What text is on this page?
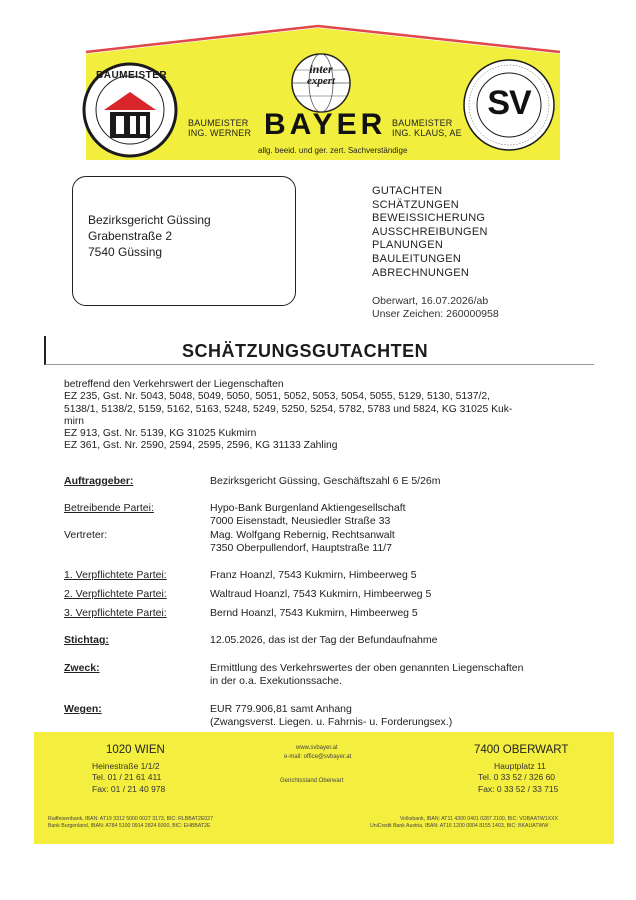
BAUMEISTER	inter
expert
BAUMEISTER
ING. WERNER BAYER BAUMEISTER
ING. KLAUS, AE
allg. beeid. und ger. zert. Sachverständige
SV
Bezirksgericht Güssing
Grabenstraße 2
7540 Güssing
GUTACHTEN
SCHÄTZUNGEN
BEWEISSICHERUNG
AUSSCHREIBUNGEN
PLANUNGEN
BAULEITUNGEN
ABRECHNUNGEN
Oberwart, 16.07.2026/ab
Unser Zeichen: 260000958
SCHÄTZUNGSGUTACHTEN
betreffend den Verkehrswert der Liegenschaften
EZ 235, Gst. Nr. 5043, 5048, 5049, 5050, 5051, 5052, 5053, 5054, 5055, 5129, 5130, 5137/2,
5138/1, 5138/2, 5159, 5162, 5163, 5248, 5249, 5250, 5254, 5782, 5783 und 5824, KG 31025 Kuk-
mirn
EZ 913, Gst. Nr. 5139, KG 31025 Kukmirn
EZ 361, Gst. Nr. 2590, 2594, 2595, 2596, KG 31133 Zahling
Auftraggeber:	Bezirksgericht Güssing, Geschäftszahl 6 E 5/26m
Betreibende Partei:	Hypo-Bank Burgenland Aktiengesellschaft
7000 Eisenstadt, Neusiedler Straße 33
Vertreter:	Mag. Wolfgang Rebernig, Rechtsanwalt
7350 Oberpullendorf, Hauptstraße 11/7
1. Verpflichtete Partei:	Franz Hoanzl, 7543 Kukmirn, Himbeerweg 5
2. Verpflichtete Partei:	Waltraud Hoanzl, 7543 Kukmirn, Himbeerweg 5
3. Verpflichtete Partei:	Bernd Hoanzl, 7543 Kukmirn, Himbeerweg 5
Stichtag:	12.05.2026, das ist der Tag der Befundaufnahme
Zweck:	Ermittlung des Verkehrswertes der oben genannten Liegenschaften
in der o.a. Exekutionssache.
Wegen:	EUR 779.906,81 samt Anhang
(Zwangsverst. Liegen. u. Fahrnis- u. Forderungsex.)
1020 WIEN
Heinestraße 1/1/2
Tel. 01 / 21 61 411
Fax: 01 / 21 40 978
www.svbayer.at
e-mail: office@svbayer.at
Gerichtsstand Oberwart
7400 OBERWART
Hauptplatz 11
Tel. 0 33 52 / 326 60
Fax: 0 33 52 / 33 715
Raiffeisenbank, IBAN: AT19 3312 5000 0027 3173, BIC: RLBBAT2E027
Bank Burgenland, IBAN: AT84 5100 0914 2824 6000, BIC: EHBBAT2E
Volksbank, IBAN: AT11 4300 0401 0287 2100, BIC: VOBAATW1XXX
UniCredit Bank Austria, IBAN: AT16 1200 0004 8155 1403, BIC: BKAUATWW
